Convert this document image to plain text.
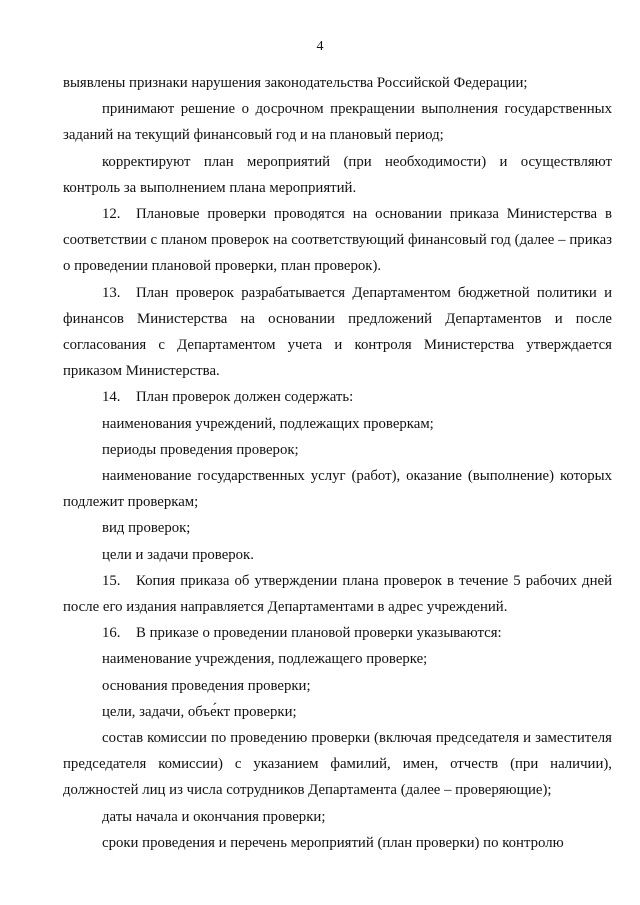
4

выявлены признаки нарушения законодательства Российской Федерации;

принимают решение о досрочном прекращении выполнения государственных заданий на текущий финансовый год и на плановый период;

корректируют план мероприятий (при необходимости) и осуществляют контроль за выполнением плана мероприятий.

12. Плановые проверки проводятся на основании приказа Министерства в соответствии с планом проверок на соответствующий финансовый год (далее – приказ о проведении плановой проверки, план проверок).

13. План проверок разрабатывается Департаментом бюджетной политики и финансов Министерства на основании предложений Департаментов и после согласования с Департаментом учета и контроля Министерства утверждается приказом Министерства.

14. План проверок должен содержать:

наименования учреждений, подлежащих проверкам;

периоды проведения проверок;

наименование государственных услуг (работ), оказание (выполнение) которых подлежит проверкам;

вид проверок;

цели и задачи проверок.

15. Копия приказа об утверждении плана проверок в течение 5 рабочих дней после его издания направляется Департаментами в адрес учреждений.

16. В приказе о проведении плановой проверки указываются:

наименование учреждения, подлежащего проверке;

основания проведения проверки;

цели, задачи, объе́кт проверки;

состав комиссии по проведению проверки (включая председателя и заместителя председателя комиссии) с указанием фамилий, имен, отчеств (при наличии), должностей лиц из числа сотрудников Департамента (далее – проверяющие);

даты начала и окончания проверки;

сроки проведения и перечень мероприятий (план проверки) по контролю
